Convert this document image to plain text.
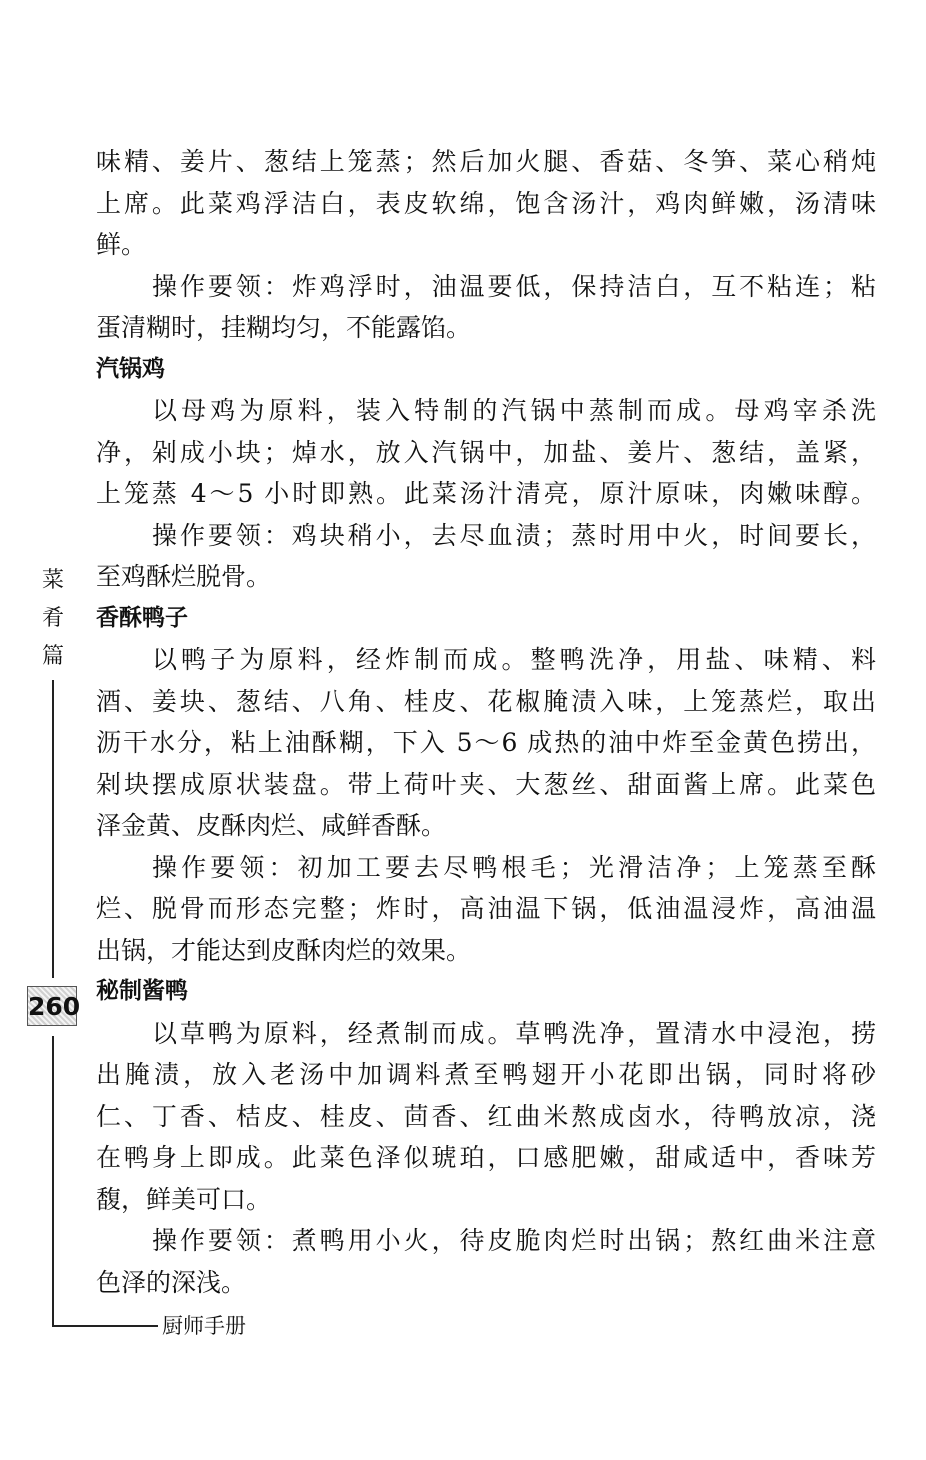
菜
肴
篇
260
厨师手册
味精、姜片、葱结上笼蒸；然后加火腿、香菇、冬笋、菜心稍炖
上席。此菜鸡浮洁白，表皮软绵，饱含汤汁，鸡肉鲜嫩，汤清味
鲜。
操作要领：炸鸡浮时，油温要低，保持洁白，互不粘连；粘
蛋清糊时，挂糊均匀，不能露馅。
汽锅鸡
以母鸡为原料，装入特制的汽锅中蒸制而成。母鸡宰杀洗
净，剁成小块；焯水，放入汽锅中，加盐、姜片、葱结，盖紧，
上笼蒸 4～5 小时即熟。此菜汤汁清亮，原汁原味，肉嫩味醇。
操作要领：鸡块稍小，去尽血渍；蒸时用中火，时间要长，
至鸡酥烂脱骨。
香酥鸭子
以鸭子为原料，经炸制而成。整鸭洗净，用盐、味精、料
酒、姜块、葱结、八角、桂皮、花椒腌渍入味，上笼蒸烂，取出
沥干水分，粘上油酥糊，下入 5～6 成热的油中炸至金黄色捞出，
剁块摆成原状装盘。带上荷叶夹、大葱丝、甜面酱上席。此菜色
泽金黄、皮酥肉烂、咸鲜香酥。
操作要领：初加工要去尽鸭根毛；光滑洁净；上笼蒸至酥
烂、脱骨而形态完整；炸时，高油温下锅，低油温浸炸，高油温
出锅，才能达到皮酥肉烂的效果。
秘制酱鸭
以草鸭为原料，经煮制而成。草鸭洗净，置清水中浸泡，捞
出腌渍，放入老汤中加调料煮至鸭翅开小花即出锅，同时将砂
仁、丁香、桔皮、桂皮、茴香、红曲米熬成卤水，待鸭放凉，浇
在鸭身上即成。此菜色泽似琥珀，口感肥嫩，甜咸适中，香味芳
馥，鲜美可口。
操作要领：煮鸭用小火，待皮脆肉烂时出锅；熬红曲米注意
色泽的深浅。
